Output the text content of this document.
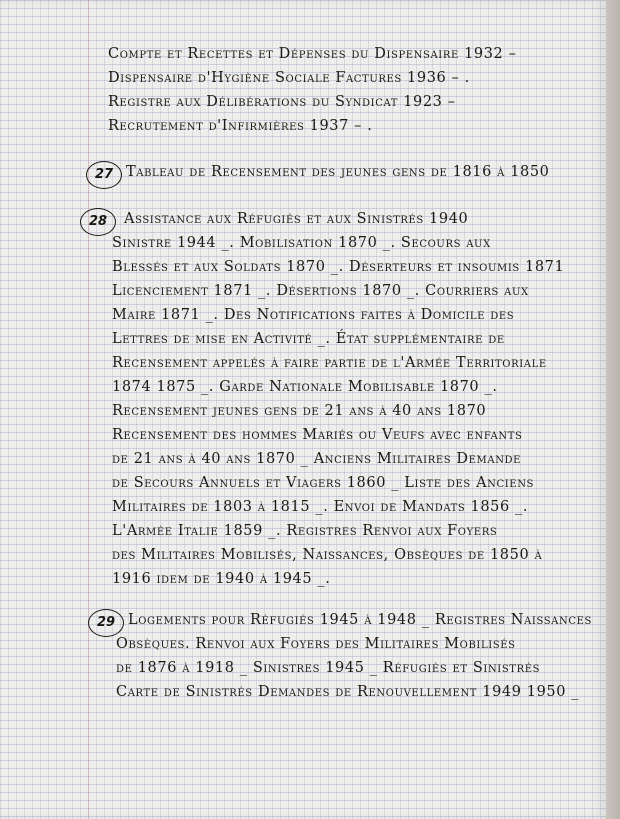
Compte et Recettes et Dépenses du Dispensaire 1932 –
Dispensaire d'Hygiène Sociale Factures 1936 – .
Registre aux Délibérations du Syndicat 1923 –
Recrutement d'Infirmières 1937 – .
27 Tableau de Recensement des jeunes gens de 1816 à 1850
28	Assistance aux Réfugiés et aux Sinistrés 1940
Sinistre 1944 _. Mobilisation 1870 _. Secours aux
Blessés et aux Soldats 1870 _. Déserteurs et insoumis 1871
Licenciement 1871 _. Désertions 1870 _. Courriers aux
Maire 1871 _. Des Notifications faites à Domicile des
Lettres de mise en Activité _. État supplémentaire de
Recensement appelés à faire partie de l'Armée Territoriale
1874 1875 _. Garde Nationale Mobilisable 1870 _.
Recensement jeunes gens de 21 ans à 40 ans 1870
Recensement des hommes Mariés ou Veufs avec enfants
de 21 ans à 40 ans 1870 _ Anciens Militaires Demande
de Secours Annuels et Viagers 1860 _ Liste des Anciens
Militaires de 1803 à 1815 _. Envoi de Mandats 1856 _.
L'Armée Italie 1859 _. Registres Renvoi aux Foyers
des Militaires Mobilisés, Naissances, Obsèques de 1850 à
1916 idem de 1940 à 1945 _.
29 Logements pour Réfugiés 1945 à 1948 _ Registres Naissances
Obsèques. Renvoi aux Foyers des Militaires Mobilisés
de 1876 à 1918 _ Sinistres 1945 _ Réfugiés et Sinistrés
Carte de Sinistrés Demandes de Renouvellement 1949 1950 _
